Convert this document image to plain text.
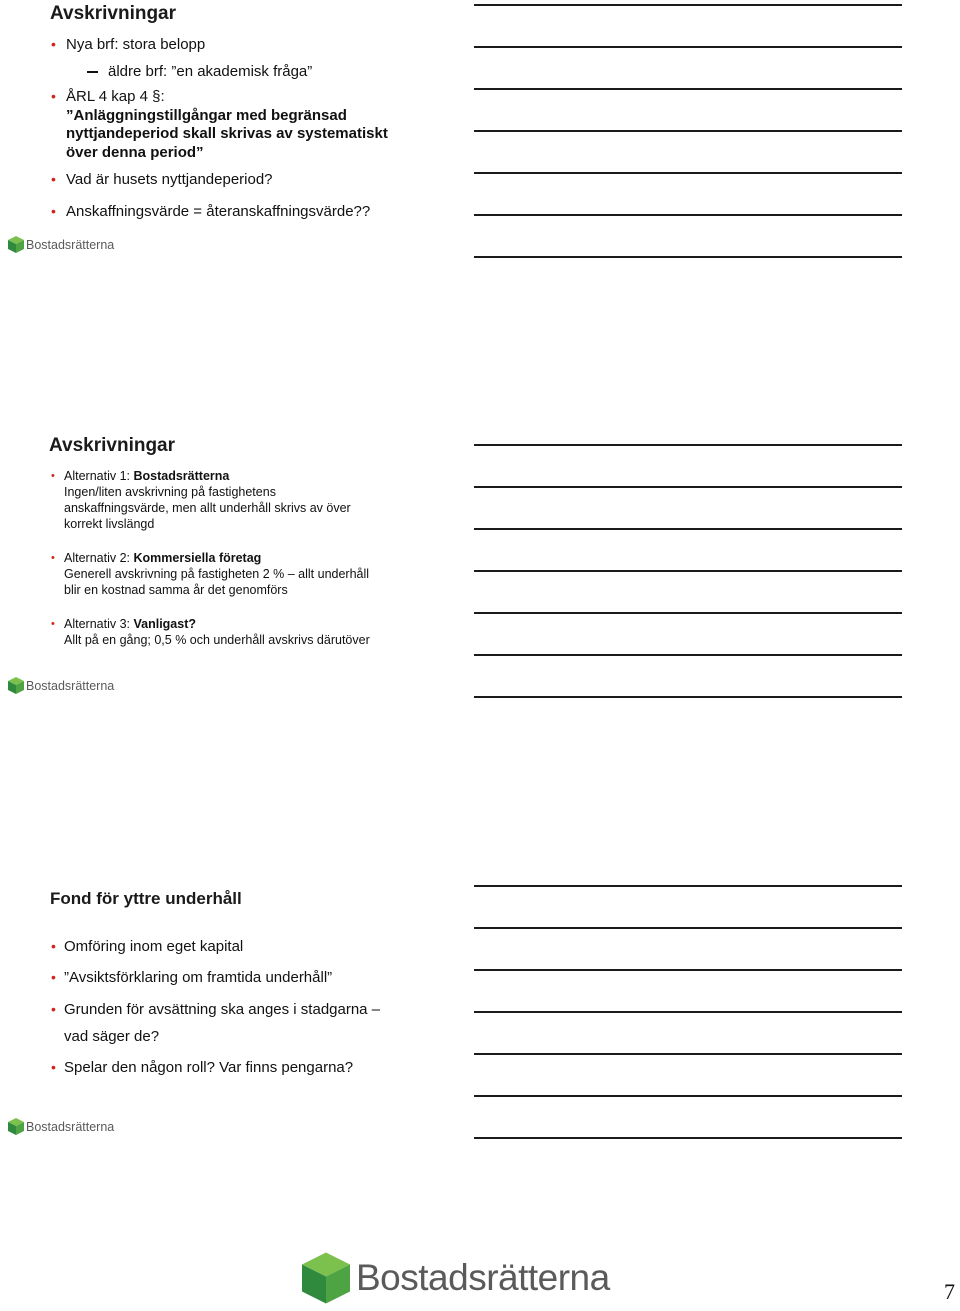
Avskrivningar
• Nya brf: stora belopp
äldre brf: ”en akademisk fråga”
• ÅRL 4 kap 4 §:
”Anläggningstillgångar med begränsad
nyttjandeperiod skall skrivas av systematiskt
över denna period”
• Vad är husets nyttjandeperiod?
• Anskaffningsvärde = återanskaffningsvärde??
Bostadsrätterna
Avskrivningar
• Alternativ 1: Bostadsrätterna
Ingen/liten avskrivning på fastighetens
anskaffningsvärde, men allt underhåll skrivs av över
korrekt livslängd
• Alternativ 2: Kommersiella företag
Generell avskrivning på fastigheten 2 % – allt underhåll
blir en kostnad samma år det genomförs
• Alternativ 3: Vanligast?
Allt på en gång; 0,5 % och underhåll avskrivs därutöver
Bostadsrätterna
Fond för yttre underhåll
• Omföring inom eget kapital
• ”Avsiktsförklaring om framtida underhåll”
• Grunden för avsättning ska anges i stadgarna –
vad säger de?
• Spelar den någon roll? Var finns pengarna?
Bostadsrätterna
Bostadsrätterna	7
